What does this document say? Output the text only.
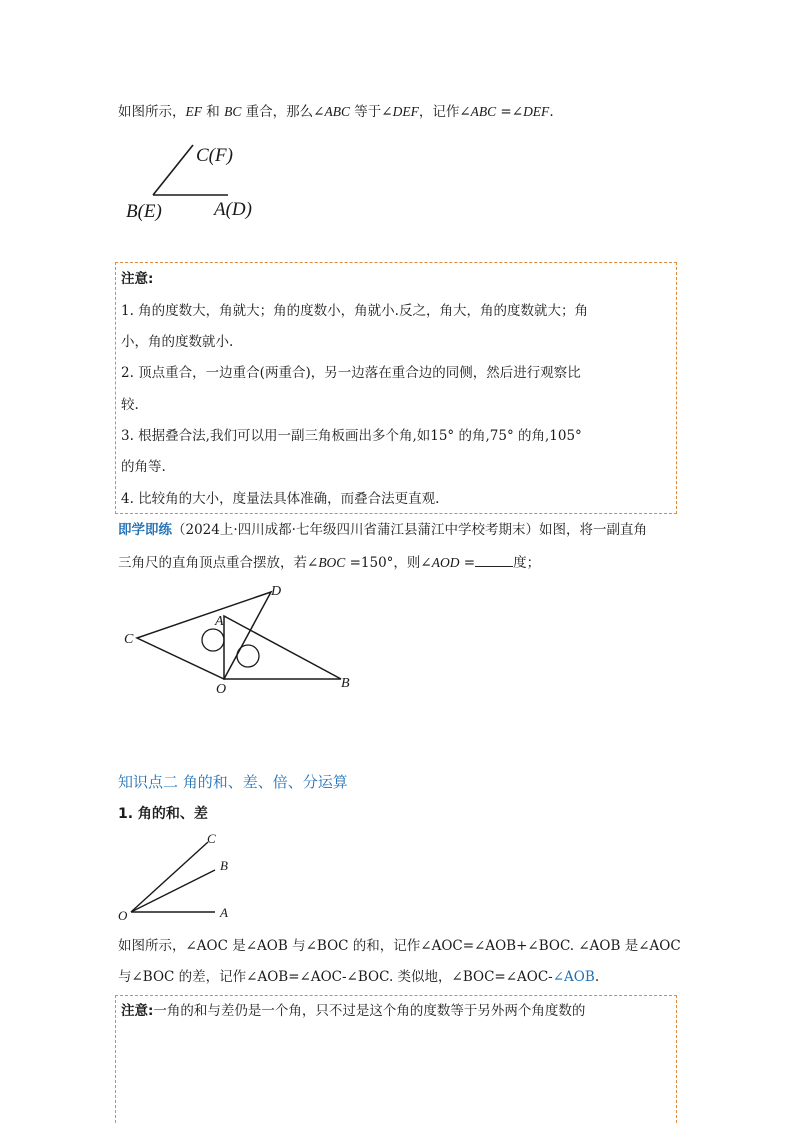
如图所示，EF 和 BC 重合，那么∠ABC 等于∠DEF，记作∠ABC =∠DEF.
C(F)
B(E)	A(D)
注意:
1. 角的度数大，角就大；角的度数小，角就小.反之，角大，角的度数就大；角
小，角的度数就小.
2. 顶点重合，一边重合(两重合)，另一边落在重合边的同侧，然后进行观察比
较.
3. 根据叠合法,我们可以用一副三角板画出多个角,如15° 的角,75° 的角,105°
的角等.
4. 比较角的大小，度量法具体准确，而叠合法更直观.
即学即练（2024上·四川成都·七年级四川省蒲江县蒲江中学校考期末）如图，将一副直角
三角尺的直角顶点重合摆放，若∠BOC =150°，则∠AOD =	度；
C
A
D
O	B
知识点二 角的和、差、倍、分运算
1. 角的和、差
C
B
O	A
如图所示，∠AOC 是∠AOB 与∠BOC 的和，记作∠AOC=∠AOB+∠BOC. ∠AOB 是∠AOC
与∠BOC 的差，记作∠AOB=∠AOC-∠BOC. 类似地，∠BOC=∠AOC-∠AOB.
注意:一角的和与差仍是一个角，只不过是这个角的度数等于另外两个角度数的
